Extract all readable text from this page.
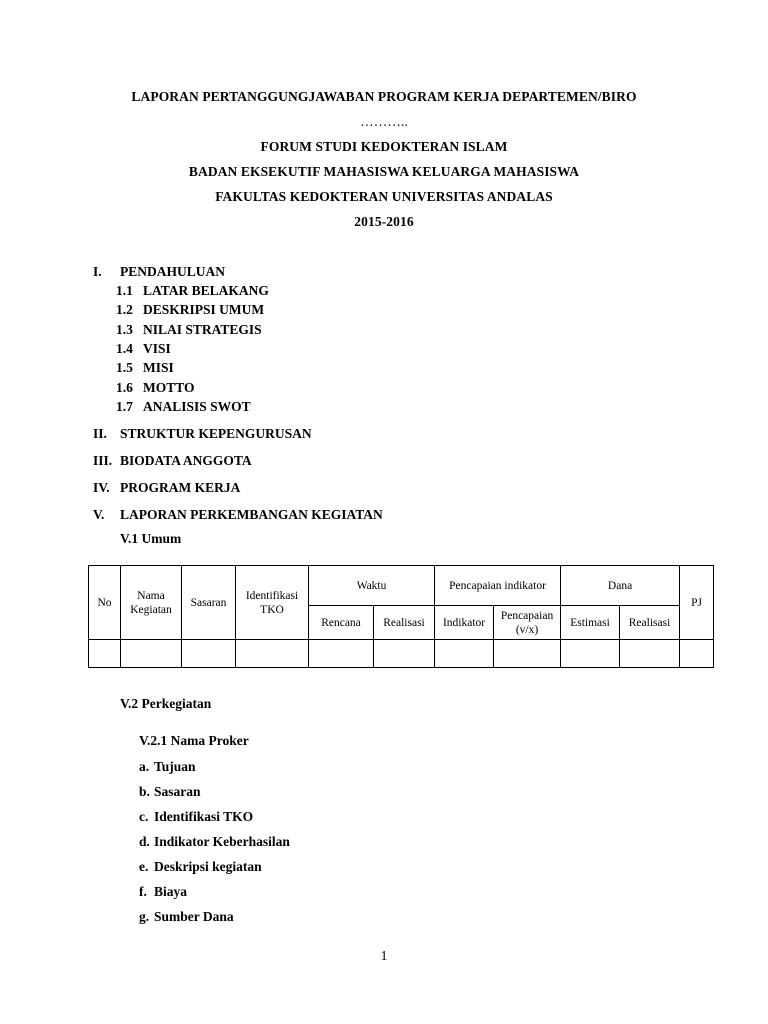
LAPORAN PERTANGGUNGJAWABAN PROGRAM KERJA DEPARTEMEN/BIRO
………..
FORUM STUDI KEDOKTERAN ISLAM
BADAN EKSEKUTIF MAHASISWA KELUARGA MAHASISWA
FAKULTAS KEDOKTERAN UNIVERSITAS ANDALAS
2015-2016
I. PENDAHULUAN
1.1 LATAR BELAKANG
1.2 DESKRIPSI UMUM
1.3 NILAI STRATEGIS
1.4 VISI
1.5 MISI
1.6 MOTTO
1.7 ANALISIS SWOT
II. STRUKTUR KEPENGURUSAN
III. BIODATA ANGGOTA
IV. PROGRAM KERJA
V. LAPORAN PERKEMBANGAN KEGIATAN
V.1 Umum
No	Nama Kegiatan	Sasaran	Identifikasi TKO	Waktu		Pencapaian indikator		Dana		PJ
				Rencana	Realisasi	Indikator	Pencapaian (v/x)	Estimasi	Realisasi	

V.2 Perkegiatan
V.2.1 Nama Proker
a. Tujuan
b. Sasaran
c. Identifikasi TKO
d. Indikator Keberhasilan
e. Deskripsi kegiatan
f. Biaya
g. Sumber Dana
1
